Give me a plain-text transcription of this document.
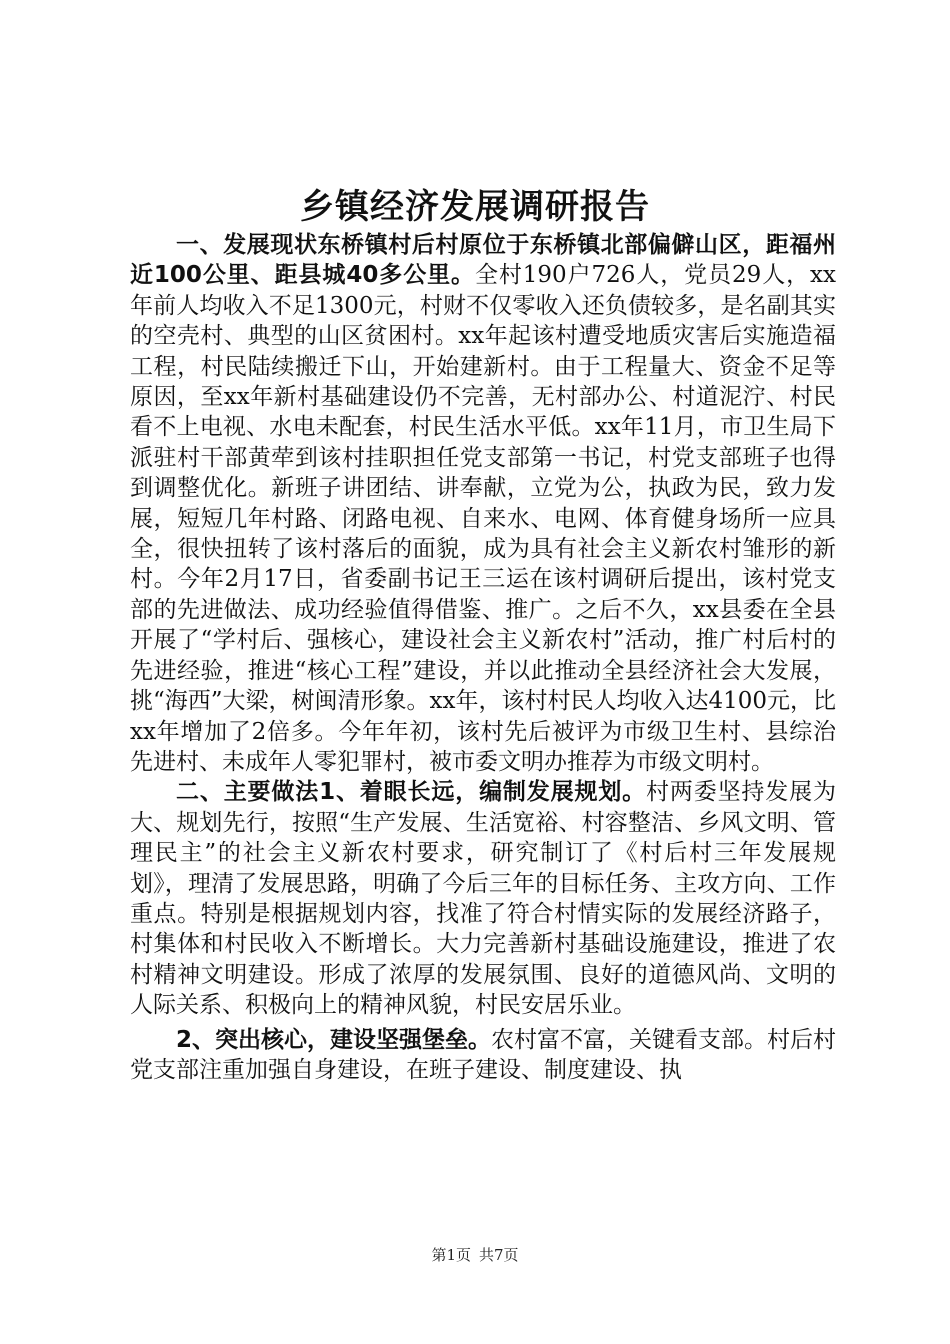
乡镇经济发展调研报告

一、发展现状东桥镇村后村原位于东桥镇北部偏僻山区，距福州近100公里、距县城40多公里。全村190户726人，党员29人，xx年前人均收入不足1300元，村财不仅零收入还负债较多，是名副其实的空壳村、典型的山区贫困村。xx年起该村遭受地质灾害后实施造福工程，村民陆续搬迁下山，开始建新村。由于工程量大、资金不足等原因，至xx年新村基础建设仍不完善，无村部办公、村道泥泞、村民看不上电视、水电未配套，村民生活水平低。xx年11月，市卫生局下派驻村干部黄荦到该村挂职担任党支部第一书记，村党支部班子也得到调整优化。新班子讲团结、讲奉献，立党为公，执政为民，致力发展，短短几年村路、闭路电视、自来水、电网、体育健身场所一应具全，很快扭转了该村落后的面貌，成为具有社会主义新农村雏形的新村。今年2月17日，省委副书记王三运在该村调研后提出，该村党支部的先进做法、成功经验值得借鉴、推广。之后不久，xx县委在全县开展了“学村后、强核心，建设社会主义新农村”活动，推广村后村的先进经验，推进“核心工程”建设，并以此推动全县经济社会大发展，挑“海西”大梁，树闽清形象。xx年，该村村民人均收入达4100元，比xx年增加了2倍多。今年年初，该村先后被评为市级卫生村、县综治先进村、未成年人零犯罪村，被市委文明办推荐为市级文明村。

二、主要做法1、着眼长远，编制发展规划。村两委坚持发展为大、规划先行，按照“生产发展、生活宽裕、村容整洁、乡风文明、管理民主”的社会主义新农村要求，研究制订了《村后村三年发展规划》，理清了发展思路，明确了今后三年的目标任务、主攻方向、工作重点。特别是根据规划内容，找准了符合村情实际的发展经济路子，村集体和村民收入不断增长。大力完善新村基础设施建设，推进了农村精神文明建设。形成了浓厚的发展氛围、良好的道德风尚、文明的人际关系、积极向上的精神风貌，村民安居乐业。

2、突出核心，建设坚强堡垒。农村富不富，关键看支部。村后村党支部注重加强自身建设，在班子建设、制度建设、执

第1页 共7页
